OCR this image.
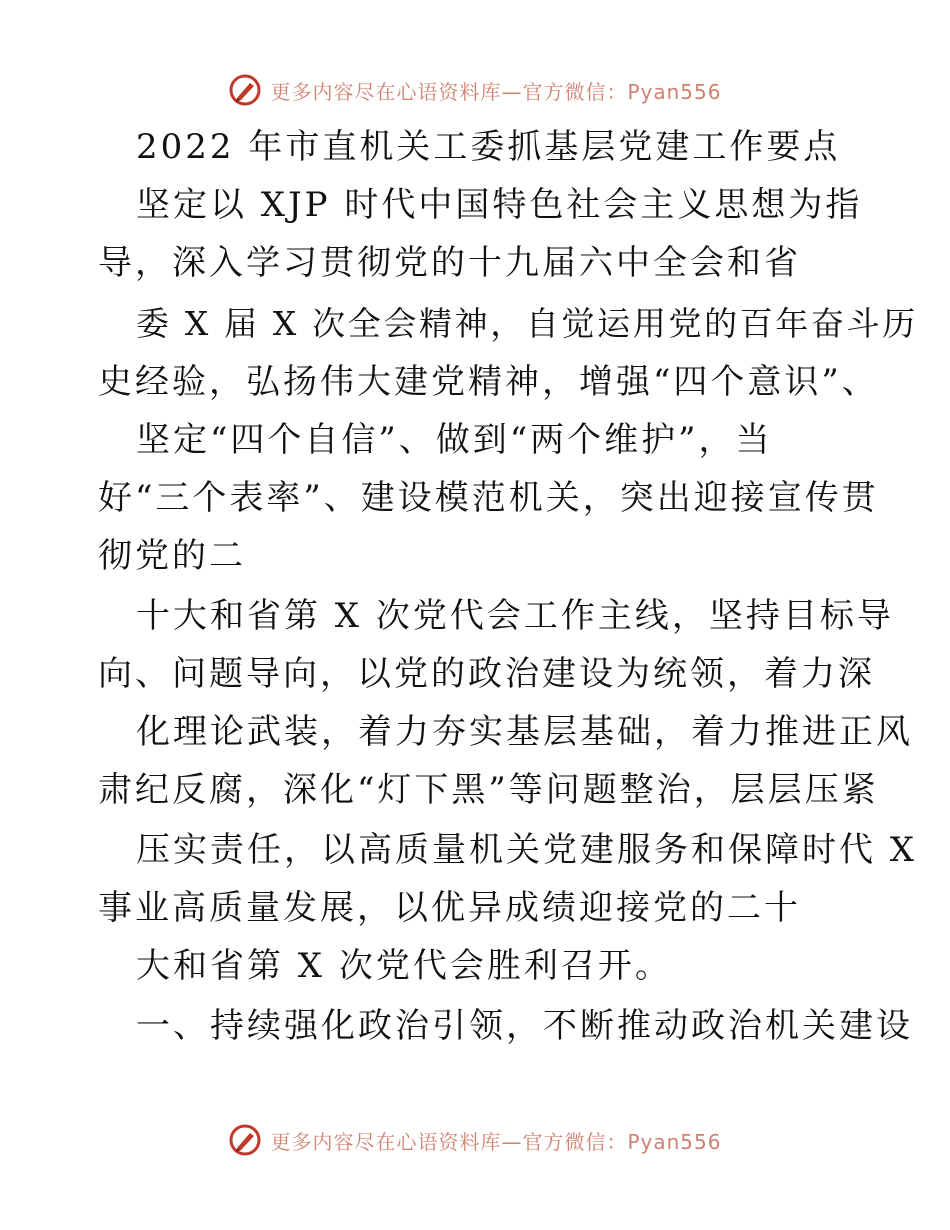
更多内容尽在心语资料库—官方微信：Pyan556
2022 年市直机关工委抓基层党建工作要点
坚定以 XJP 时代中国特色社会主义思想为指
导，深入学习贯彻党的十九届六中全会和省
委 X 届 X 次全会精神，自觉运用党的百年奋斗历
史经验，弘扬伟大建党精神，增强“四个意识”、
坚定“四个自信”、做到“两个维护”，当
好“三个表率”、建设模范机关，突出迎接宣传贯
彻党的二
十大和省第 X 次党代会工作主线，坚持目标导
向、问题导向，以党的政治建设为统领，着力深
化理论武装，着力夯实基层基础，着力推进正风
肃纪反腐，深化“灯下黑”等问题整治，层层压紧
压实责任，以高质量机关党建服务和保障时代 X
事业高质量发展，以优异成绩迎接党的二十
大和省第 X 次党代会胜利召开。
一、持续强化政治引领，不断推动政治机关建设
更多内容尽在心语资料库—官方微信：Pyan556
